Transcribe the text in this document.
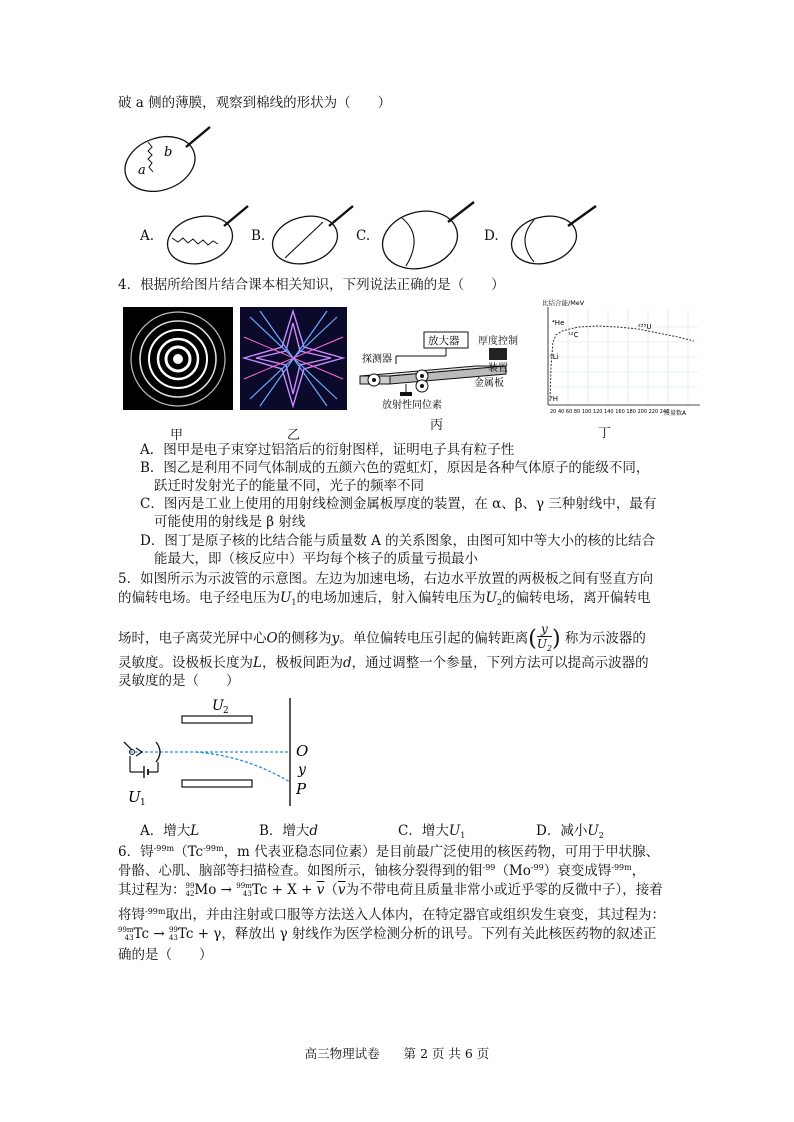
破 a 侧的薄膜，观察到棉线的形状为（　　）
b
a
A.	B.	C.	D.
4．根据所给图片结合课本相关知识，下列说法正确的是（　　）
甲	乙
放大器 厚度控制
装置
探测器
金属板
放射性同位素
丙
比结合能/MeV
质量数A
20 40 60 80 100 120 140 160 180 200 220 240
⁴He
¹²C
²³⁵U
⁶Li
²H
丁
A．图甲是电子束穿过铝箔后的衍射图样，证明电子具有粒子性
B．图乙是利用不同气体制成的五颜六色的霓虹灯，原因是各种气体原子的能级不同，
跃迁时发射光子的能量不同，光子的频率不同
C．图丙是工业上使用的用射线检测金属板厚度的装置，在 α、β、γ 三种射线中，最有
可能使用的射线是 β 射线
D．图丁是原子核的比结合能与质量数 A 的关系图象，由图可知中等大小的核的比结合
能最大，即（核反应中）平均每个核子的质量亏损最小
5．如图所示为示波管的示意图。左边为加速电场，右边水平放置的两极板之间有竖直方向
的偏转电场。电子经电压为$U_1$的电场加速后，射入偏转电压为$U_2$的偏转电场，离开偏转电
场时，电子离荧光屏中心O的侧移为y。单位偏转电压引起的偏转距离( $\frac{y}{U_2}$) 称为示波器的
灵敏度。设极板长度为L，极板间距为d，通过调整一个参量，下列方法可以提高示波器的
灵敏度的是（　　）
U 2
O
y
P
U 1
A．增大L	B．增大d	C．增大$U_1$	D．减小$U_2$
6．锝$^{-99m}(Tc^{-99m}$，m 代表亚稳态同位素）是目前最广泛使用的核医药物，可用于甲状腺、
骨骼、心肌、脑部等扫描检查。如图所示，铀核分裂得到的钼$^{-99}(Mo^{-99})$衰变成锝$^{-99m}$，
其过程为：99
42Mo → 99m
$43Tc + X + \overline{v}(\overline{v}$为不带电荷且质量非常小或近乎零的反微中子），接着
将锝$^{-99m}$取出，并由注射或口服等方法送入人体内，在特定器官或组织发生衰变，其过程为：
99m
43Tc → 99
43Tc + γ，释放出 γ 射线作为医学检测分析的讯号。下列有关此核医药物的叙述正
确的是（　　）
高三物理试卷 第 2 页 共 6 页
